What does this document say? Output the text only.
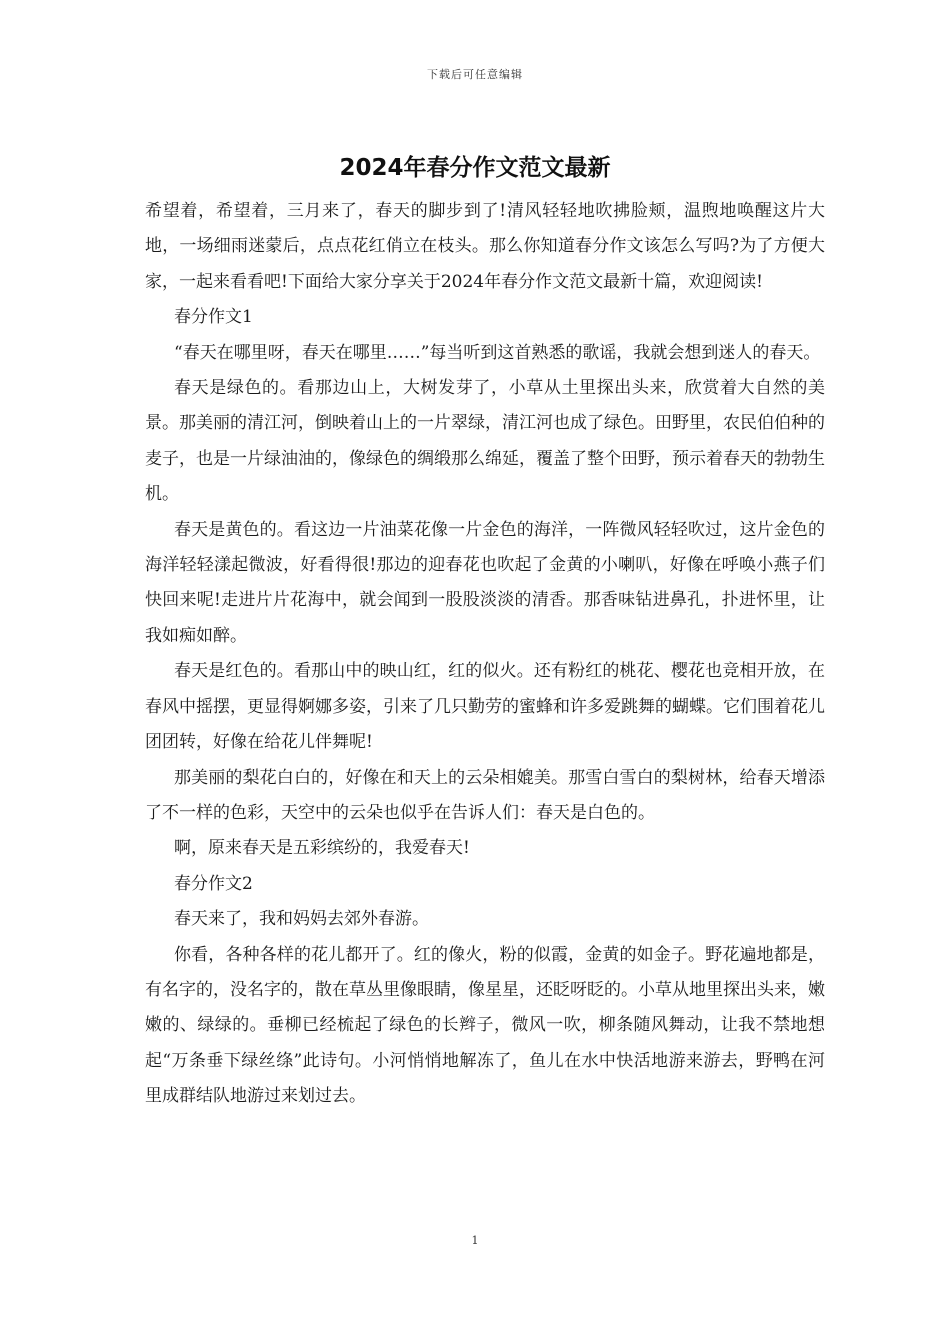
下载后可任意编辑
2024年春分作文范文最新

希望着，希望着，三月来了，春天的脚步到了!清风轻轻地吹拂脸颊，温煦地唤醒这片大地，一场细雨迷蒙后，点点花红俏立在枝头。那么你知道春分作文该怎么写吗?为了方便大家，一起来看看吧!下面给大家分享关于2024年春分作文范文最新十篇，欢迎阅读!

春分作文1

“春天在哪里呀，春天在哪里……”每当听到这首熟悉的歌谣，我就会想到迷人的春天。

春天是绿色的。看那边山上，大树发芽了，小草从土里探出头来，欣赏着大自然的美景。那美丽的清江河，倒映着山上的一片翠绿，清江河也成了绿色。田野里，农民伯伯种的麦子，也是一片绿油油的，像绿色的绸缎那么绵延，覆盖了整个田野，预示着春天的勃勃生机。

春天是黄色的。看这边一片油菜花像一片金色的海洋，一阵微风轻轻吹过，这片金色的海洋轻轻漾起微波，好看得很!那边的迎春花也吹起了金黄的小喇叭，好像在呼唤小燕子们快回来呢!走进片片花海中，就会闻到一股股淡淡的清香。那香味钻进鼻孔，扑进怀里，让我如痴如醉。

春天是红色的。看那山中的映山红，红的似火。还有粉红的桃花、樱花也竞相开放，在春风中摇摆，更显得婀娜多姿，引来了几只勤劳的蜜蜂和许多爱跳舞的蝴蝶。它们围着花儿团团转，好像在给花儿伴舞呢!

那美丽的梨花白白的，好像在和天上的云朵相媲美。那雪白雪白的梨树林，给春天增添了不一样的色彩，天空中的云朵也似乎在告诉人们：春天是白色的。

啊，原来春天是五彩缤纷的，我爱春天!

春分作文2

春天来了，我和妈妈去郊外春游。

你看，各种各样的花儿都开了。红的像火，粉的似霞，金黄的如金子。野花遍地都是，有名字的，没名字的，散在草丛里像眼睛，像星星，还眨呀眨的。小草从地里探出头来，嫩嫩的、绿绿的。垂柳已经梳起了绿色的长辫子，微风一吹，柳条随风舞动，让我不禁地想起“万条垂下绿丝绦”此诗句。小河悄悄地解冻了，鱼儿在水中快活地游来游去，野鸭在河里成群结队地游过来划过去。

1
